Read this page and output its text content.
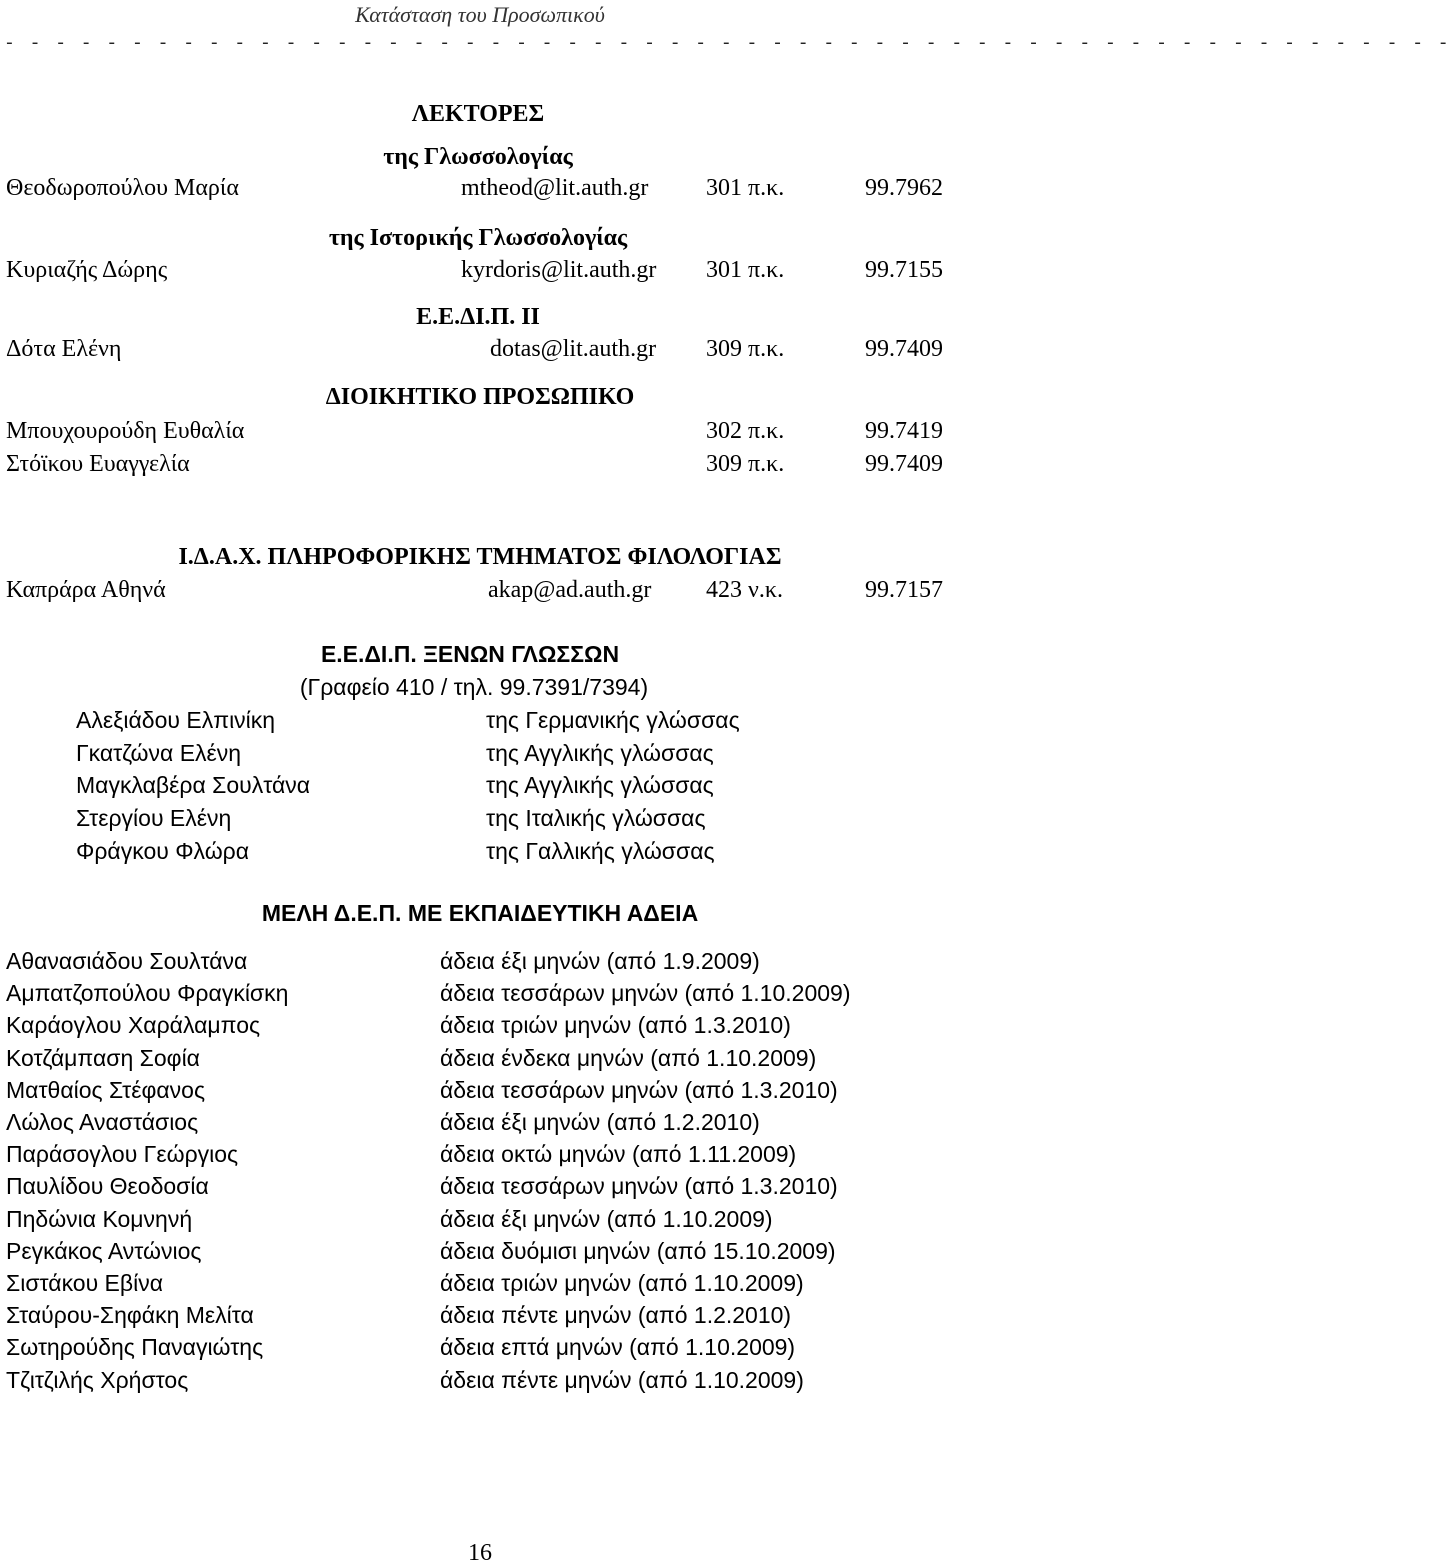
Κατάσταση του Προσωπικού
- - - - - - - - - - - - - - - - - - - - - - - - - - - - - - - - - - - - - - - - - - - - - - - - - - - - - - - - -
ΛΕΚΤΟΡΕΣ
της Γλωσσολογίας
Θεοδωροπούλου Μαρία	mtheod@lit.auth.gr 301 π.κ.	99.7962
της Ιστορικής Γλωσσολογίας
Κυριαζής Δώρης	kyrdoris@lit.auth.gr 301 π.κ.	99.7155
Ε.Ε.ΔΙ.Π. ΙΙ
Δότα Ελένη	dotas@lit.auth.gr 309 π.κ.	99.7409
ΔΙΟΙΚΗΤΙΚΟ ΠΡΟΣΩΠΙΚΟ
Μπουχουρούδη Ευθαλία	302 π.κ.	99.7419
Στόϊκου Ευαγγελία	309 π.κ.	99.7409
Ι.Δ.Α.Χ. ΠΛΗΡΟΦΟΡΙΚΗΣ ΤΜΗΜΑΤΟΣ ΦΙΛΟΛΟΓΙΑΣ
Καπράρα Αθηνά	akap@ad.auth.gr 423 ν.κ.	99.7157
Ε.Ε.ΔΙ.Π. ΞΕΝΩΝ ΓΛΩΣΣΩΝ
(Γραφείο 410 / τηλ. 99.7391/7394)
Αλεξιάδου Ελπινίκη	της Γερμανικής γλώσσας
Γκατζώνα Ελένη	της Αγγλικής γλώσσας
Μαγκλαβέρα Σουλτάνα	της Αγγλικής γλώσσας
Στεργίου Ελένη	της Ιταλικής γλώσσας
Φράγκου Φλώρα	της Γαλλικής γλώσσας
ΜΕΛΗ Δ.Ε.Π. ΜΕ ΕΚΠΑΙΔΕΥΤΙΚΗ ΑΔΕΙΑ
Αθανασιάδου Σουλτάνα	άδεια έξι μηνών (από 1.9.2009)
Αμπατζοπούλου Φραγκίσκη	άδεια τεσσάρων μηνών (από 1.10.2009)
Καράογλου Χαράλαμπος	άδεια τριών μηνών (από 1.3.2010)
Κοτζάμπαση Σοφία	άδεια ένδεκα μηνών (από 1.10.2009)
Ματθαίος Στέφανος	άδεια τεσσάρων μηνών (από 1.3.2010)
Λώλος Αναστάσιος	άδεια έξι μηνών (από 1.2.2010)
Παράσογλου Γεώργιος	άδεια οκτώ μηνών (από 1.11.2009)
Παυλίδου Θεοδοσία	άδεια τεσσάρων μηνών (από 1.3.2010)
Πηδώνια Κομνηνή	άδεια έξι μηνών (από 1.10.2009)
Ρεγκάκος Αντώνιος	άδεια δυόμισι μηνών (από 15.10.2009)
Σιστάκου Εβίνα	άδεια τριών μηνών (από 1.10.2009)
Σταύρου-Σηφάκη Μελίτα	άδεια πέντε μηνών (από 1.2.2010)
Σωτηρούδης Παναγιώτης	άδεια επτά μηνών (από 1.10.2009)
Τζιτζιλής Χρήστος	άδεια πέντε μηνών (από 1.10.2009)
16
